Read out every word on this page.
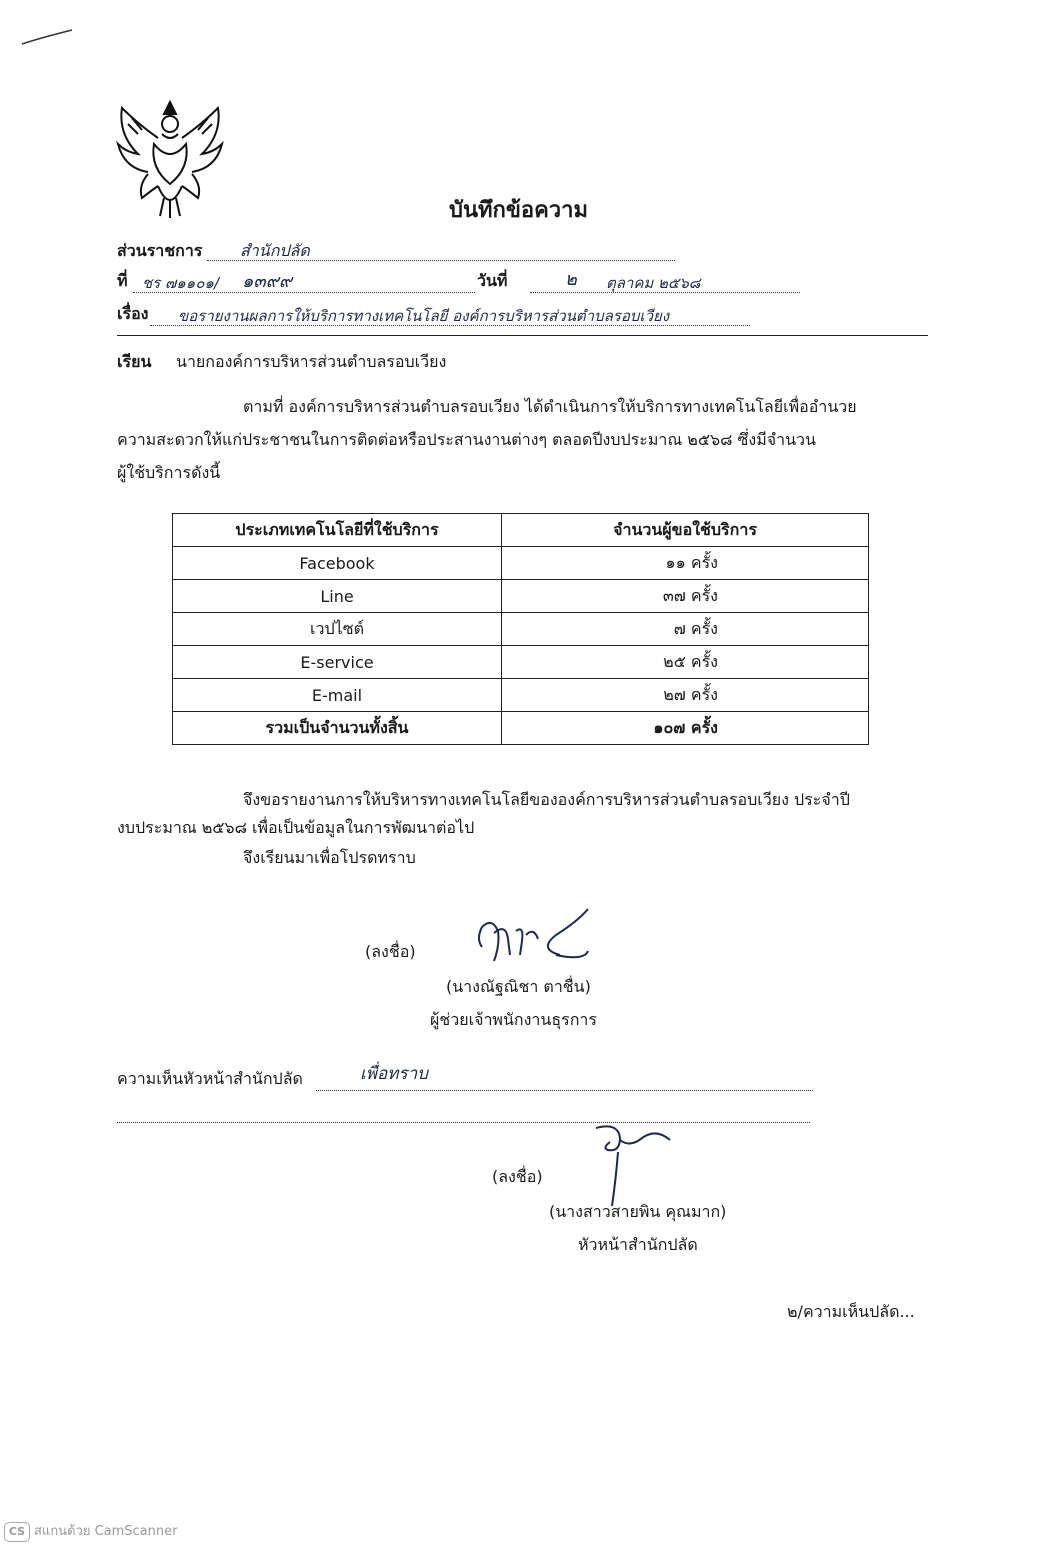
บันทึกข้อความ
ส่วนราชการ สำนักปลัด
ที่ ชร ๗๑๑๐๑/ ๑๓๙๙	วันที่	๒ ตุลาคม ๒๕๖๘
เรื่อง ขอรายงานผลการให้บริการทางเทคโนโลยี องค์การบริหารส่วนตำบลรอบเวียง
เรียน นายกองค์การบริหารส่วนตำบลรอบเวียง
ตามที่ องค์การบริหารส่วนตำบลรอบเวียง ได้ดำเนินการให้บริการทางเทคโนโลยีเพื่ออำนวย
ความสะดวกให้แก่ประชาชนในการติดต่อหรือประสานงานต่างๆ ตลอดปีงบประมาณ ๒๕๖๘ ซึ่งมีจำนวน
ผู้ใช้บริการดังนี้
ประเภทเทคโนโลยีที่ใช้บริการ	จำนวนผู้ขอใช้บริการ
Facebook	๑๑ ครั้ง
Line	๓๗ ครั้ง
เวปไซต์	๗ ครั้ง
E-service	๒๕ ครั้ง
E-mail	๒๗ ครั้ง
รวมเป็นจำนวนทั้งสิ้น	๑๐๗ ครั้ง
จึงขอรายงานการให้บริหารทางเทคโนโลยีขององค์การบริหารส่วนตำบลรอบเวียง ประจำปี
งบประมาณ ๒๕๖๘ เพื่อเป็นข้อมูลในการพัฒนาต่อไป
จึงเรียนมาเพื่อโปรดทราบ
(ลงชื่อ)
(นางณัฐณิชา ตาชื่น)
ผู้ช่วยเจ้าพนักงานธุรการ
ความเห็นหัวหน้าสำนักปลัด	เพื่อทราบ
(ลงชื่อ)
(นางสาวสายพิน คุณมาก)
หัวหน้าสำนักปลัด
๒/ความเห็นปลัด...
CS สแกนด้วย CamScanner
